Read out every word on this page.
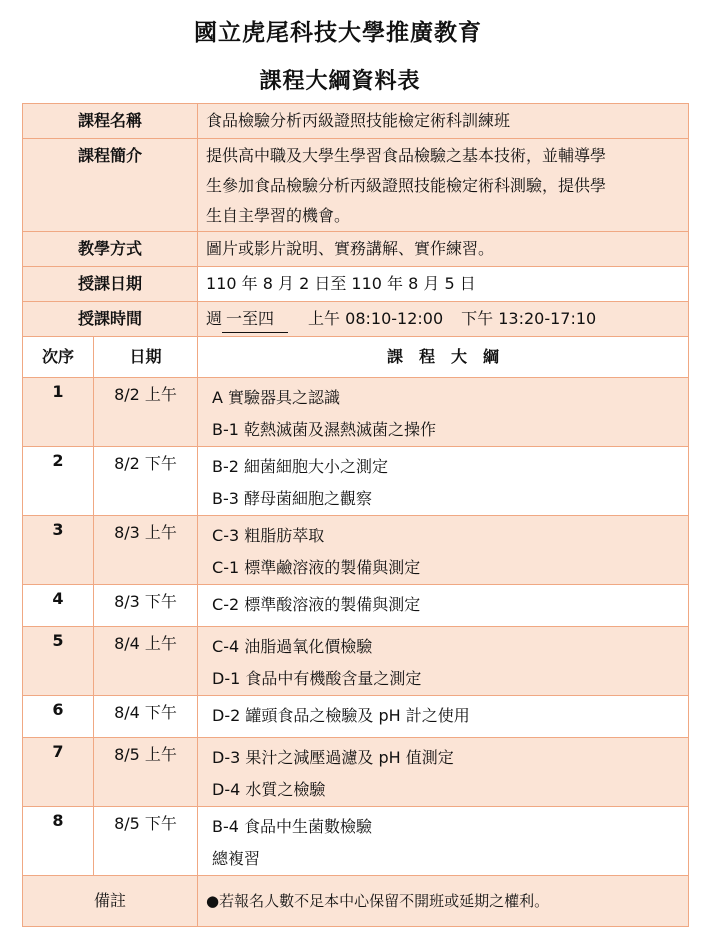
國立虎尾科技大學推廣教育
課程大綱資料表
課程名稱		食品檢驗分析丙級證照技能檢定術科訓練班
課程簡介		提供高中職及大學生學習食品檢驗之基本技術，並輔導學
生參加食品檢驗分析丙級證照技能檢定術科測驗，提供學
生自主學習的機會。

教學方式		圖片或影片說明、實務講解、實作練習。
授課日期		110 年 8 月 2 日至 110 年 8 月 5 日
授課時間		週 一至四 上午 08:10-12:00 下午 13:20-17:10
次序	日期	課　程　大　綱
1	8/2 上午	A 實驗器具之認識
B-1 乾熱滅菌及濕熱滅菌之操作

2	8/2 下午	B-2 細菌細胞大小之測定
B-3 酵母菌細胞之觀察

3	8/3 上午	C-3 粗脂肪萃取
C-1 標準鹼溶液的製備與測定

4	8/3 下午	C-2 標準酸溶液的製備與測定

5	8/4 上午	C-4 油脂過氧化價檢驗
D-1 食品中有機酸含量之測定

6	8/4 下午	D-2 罐頭食品之檢驗及 pH 計之使用

7	8/5 上午	D-3 果汁之減壓過濾及 pH 值測定
D-4 水質之檢驗

8	8/5 下午	B-4 食品中生菌數檢驗
總複習

備註		●若報名人數不足本中心保留不開班或延期之權利。
